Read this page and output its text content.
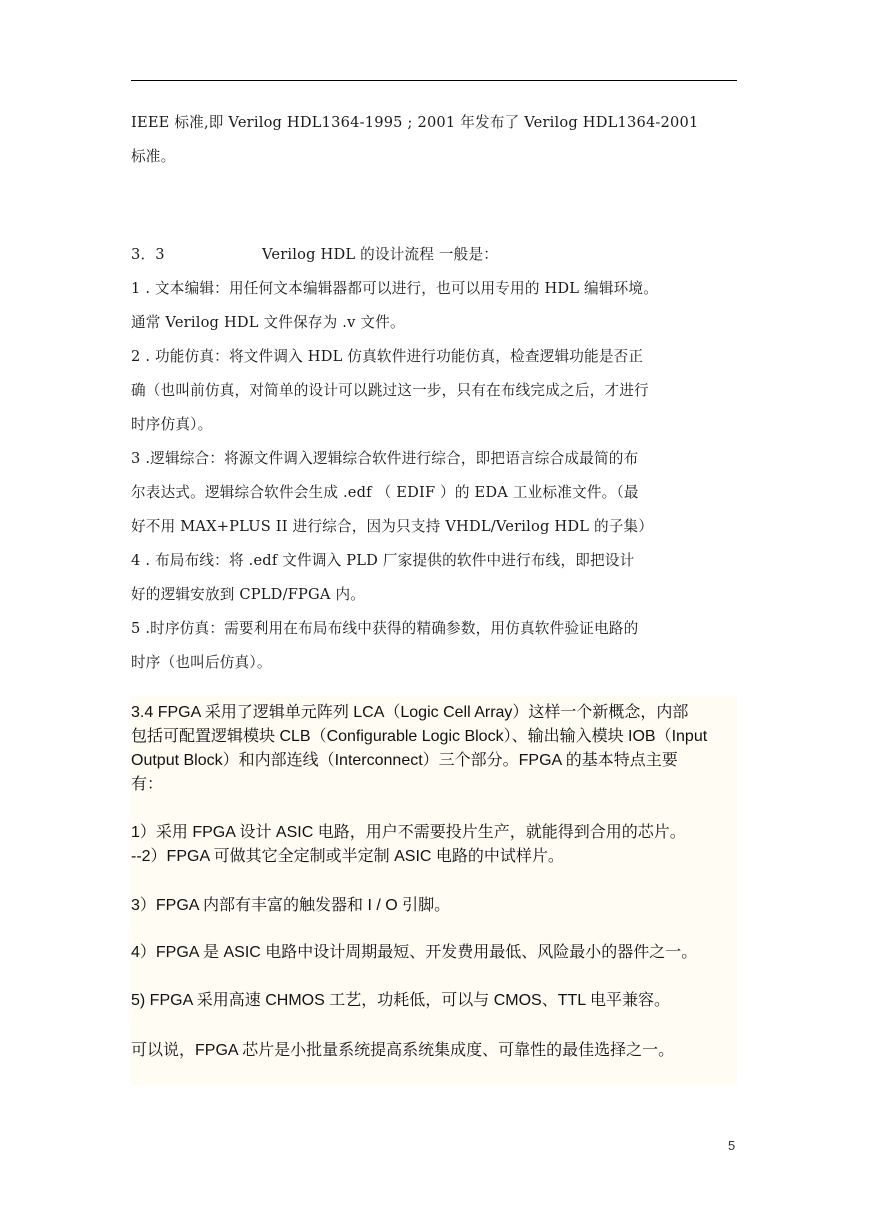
IEEE 标准,即 Verilog HDL1364-1995 ; 2001 年发布了 Verilog HDL1364-2001
标准。
3．3	Verilog HDL 的设计流程 一般是：
1 . 文本编辑：用任何文本编辑器都可以进行，也可以用专用的 HDL 编辑环境。
通常 Verilog HDL 文件保存为 .v 文件。
2 . 功能仿真：将文件调入 HDL 仿真软件进行功能仿真，检查逻辑功能是否正
确（也叫前仿真，对简单的设计可以跳过这一步，只有在布线完成之后，才进行
时序仿真）。
3 .逻辑综合：将源文件调入逻辑综合软件进行综合，即把语言综合成最简的布
尔表达式。逻辑综合软件会生成 .edf （ EDIF ）的 EDA 工业标准文件。（最
好不用 MAX+PLUS II 进行综合，因为只支持 VHDL/Verilog HDL 的子集）
4 . 布局布线：将 .edf 文件调入 PLD 厂家提供的软件中进行布线，即把设计
好的逻辑安放到 CPLD/FPGA 内。
5 .时序仿真：需要利用在布局布线中获得的精确参数，用仿真软件验证电路的
时序（也叫后仿真）。
3.4 FPGA 采用了逻辑单元阵列 LCA（Logic Cell Array）这样一个新概念，内部
包括可配置逻辑模块 CLB（Configurable Logic Block）、输出输入模块 IOB（Input
Output Block）和内部连线（Interconnect）三个部分。FPGA 的基本特点主要
有：
1）采用 FPGA 设计 ASIC 电路，用户不需要投片生产，就能得到合用的芯片。
--2）FPGA 可做其它全定制或半定制 ASIC 电路的中试样片。
3）FPGA 内部有丰富的触发器和 I / O 引脚。
4）FPGA 是 ASIC 电路中设计周期最短、开发费用最低、风险最小的器件之一。
5) FPGA 采用高速 CHMOS 工艺，功耗低，可以与 CMOS、TTL 电平兼容。
可以说，FPGA 芯片是小批量系统提高系统集成度、可靠性的最佳选择之一。
5
